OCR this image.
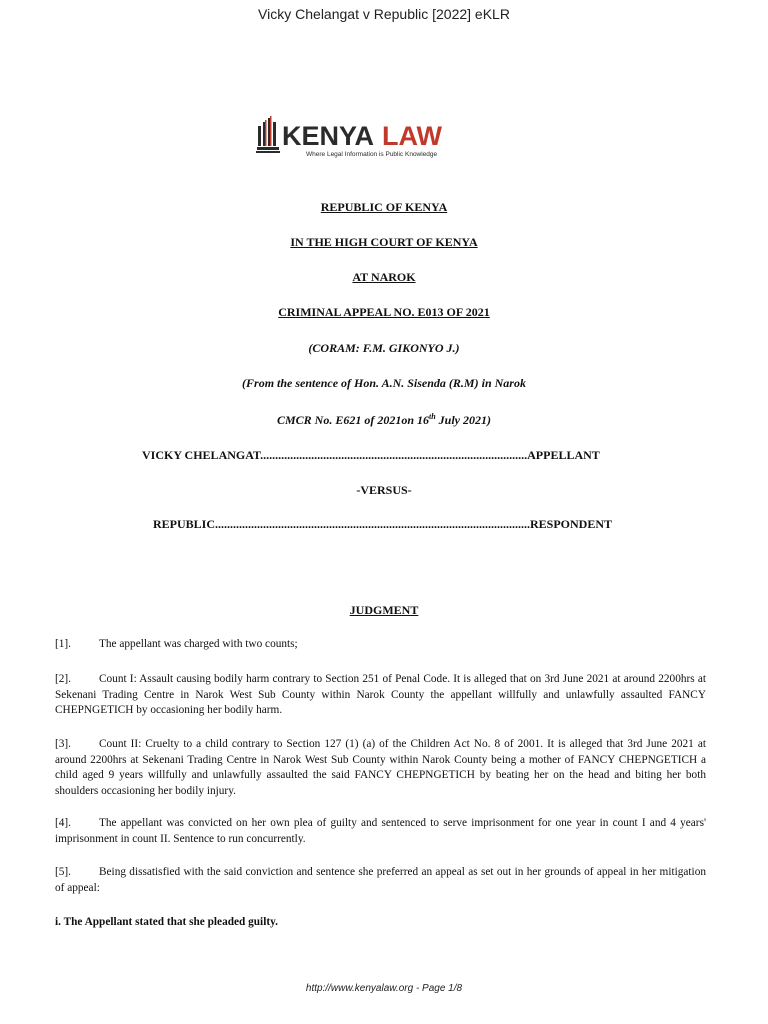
Vicky Chelangat v Republic [2022] eKLR
KENYA LAW
Where Legal Information is Public Knowledge
REPUBLIC OF KENYA
IN THE HIGH COURT OF KENYA
AT NAROK
CRIMINAL APPEAL NO. E013 OF 2021
(CORAM: F.M. GIKONYO J.)
(From the sentence of Hon. A.N. Sisenda (R.M) in Narok
CMCR No. E621 of 2021on 16th July 2021)
VICKY CHELANGAT.........................................................................................APPELLANT
-VERSUS-
REPUBLIC.........................................................................................................RESPONDENT
JUDGMENT
[1]. The appellant was charged with two counts;
[2]. Count I: Assault causing bodily harm contrary to Section 251 of Penal Code. It is alleged that on 3rd June 2021 at around 2200hrs at Sekenani Trading Centre in Narok West Sub County within Narok County the appellant willfully and unlawfully assaulted FANCY CHEPNGETICH by occasioning her bodily harm.
[3]. Count II: Cruelty to a child contrary to Section 127 (1) (a) of the Children Act No. 8 of 2001. It is alleged that 3rd June 2021 at around 2200hrs at Sekenani Trading Centre in Narok West Sub County within Narok County being a mother of FANCY CHEPNGETICH a child aged 9 years willfully and unlawfully assaulted the said FANCY CHEPNGETICH by beating her on the head and biting her both shoulders occasioning her bodily injury.
[4]. The appellant was convicted on her own plea of guilty and sentenced to serve imprisonment for one year in count I and 4 years' imprisonment in count II. Sentence to run concurrently.
[5]. Being dissatisfied with the said conviction and sentence she preferred an appeal as set out in her grounds of appeal in her mitigation of appeal:
i. The Appellant stated that she pleaded guilty.
http://www.kenyalaw.org - Page 1/8
